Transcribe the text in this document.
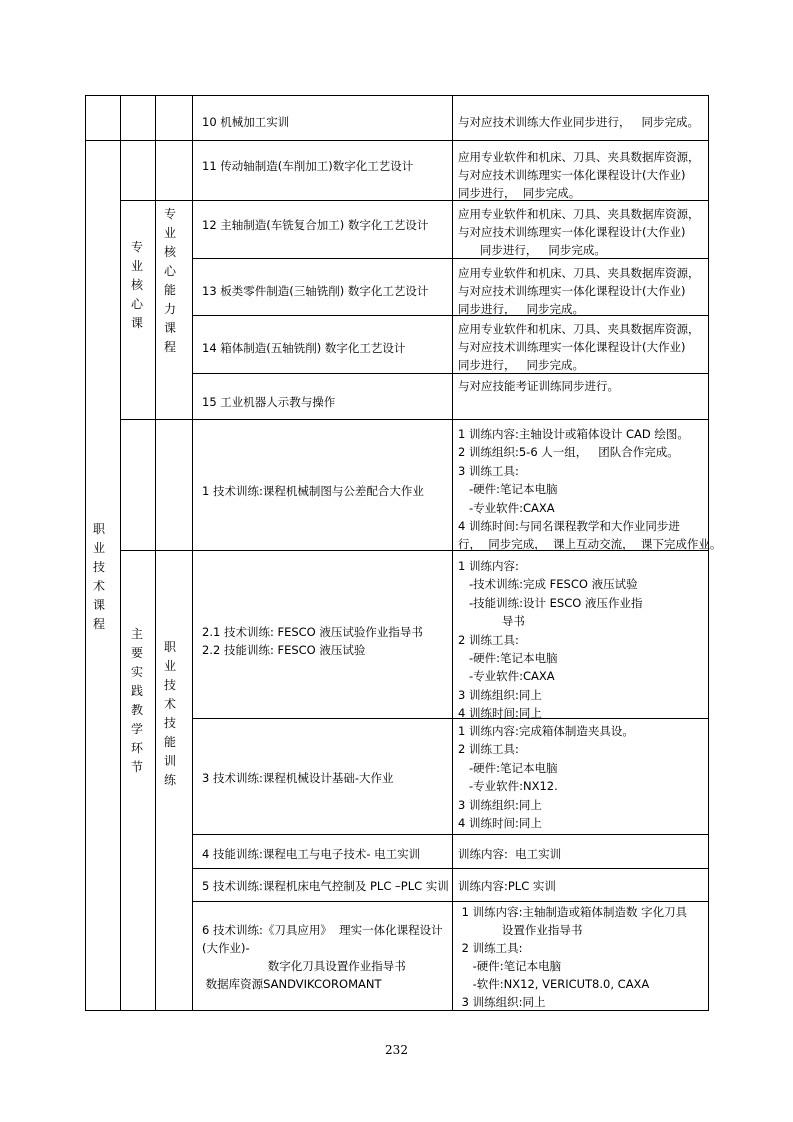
职业技术课程
专业核心课
专业核心能力课程
主要实践教学环节
职业技术技能训练
10 机械加工实训	与对应技术训练大作业同步进行，   同步完成。
11 传动轴制造(车削加工)数字化工艺设计
应用专业软件和机床、刀具、夹具数据库资源，
与对应技术训练理实一体化课程设计(大作业)
同步进行，  同步完成。
12 主轴制造(车铣复合加工) 数字化工艺设计
应用专业软件和机床、刀具、夹具数据库资源，
与对应技术训练理实一体化课程设计(大作业)
同步进行，   同步完成。
13 板类零件制造(三轴铣削) 数字化工艺设计
应用专业软件和机床、刀具、夹具数据库资源，
与对应技术训练理实一体化课程设计(大作业)
同步进行，   同步完成。
14 箱体制造(五轴铣削) 数字化工艺设计
应用专业软件和机床、刀具、夹具数据库资源，
与对应技术训练理实一体化课程设计(大作业)
同步进行，   同步完成。
15 工业机器人示教与操作
与对应技能考证训练同步进行。
1 技术训练:课程机械制图与公差配合大作业
1 训练内容:主轴设计或箱体设计 CAD 绘图。
2 训练组织:5-6 人一组，   团队合作完成。
3 训练工具:
-硬件:笔记本电脑
-专业软件:CAXA
4 训练时间:与同名课程教学和大作业同步进
行，  同步完成，  课上互动交流，  课下完成作业。
2.1 技术训练: FESCO 液压试验作业指导书
2.2 技能训练: FESCO 液压试验
1 训练内容:
-技术训练:完成 FESCO 液压试验
-技能训练:设计 ESCO 液压作业指
导书
2 训练工具:
-硬件:笔记本电脑
-专业软件:CAXA
3 训练组织:同上
4 训练时间:同上
3 技术训练:课程机械设计基础-大作业
1 训练内容:完成箱体制造夹具设。
2 训练工具:
-硬件:笔记本电脑
-专业软件:NX12.
3 训练组织:同上
4 训练时间:同上
4 技能训练:课程电工与电子技术- 电工实训	训练内容:  电工实训
5 技术训练:课程机床电气控制及 PLC –PLC 实训 训练内容:PLC 实训
6 技术训练:《刀具应用》  理实一体化课程设计
(大作业)-
数字化刀具设置作业指导书
数据库资源SANDVIKCOROMANT
1 训练内容:主轴制造或箱体制造数 字化刀具
设置作业指导书
2 训练工具:
-硬件:笔记本电脑
-软件:NX12, VERICUT8.0, CAXA
3 训练组织:同上
232
